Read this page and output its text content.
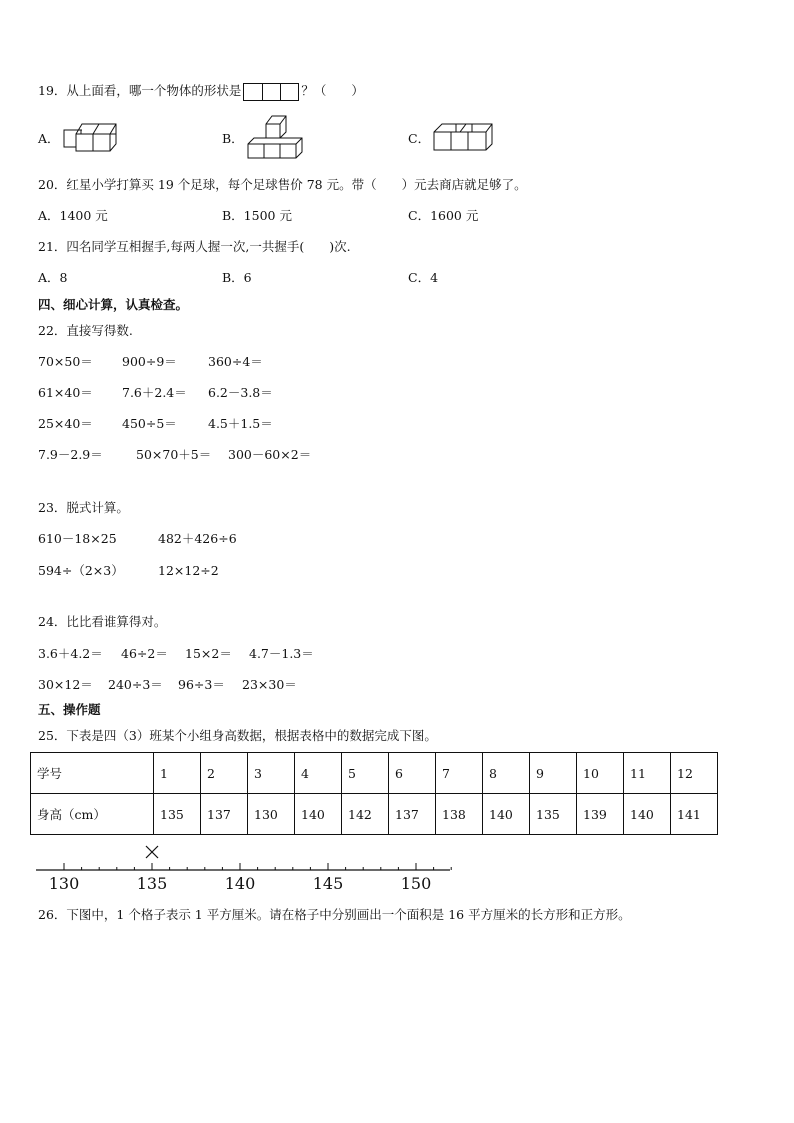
19．从上面看，哪一个物体的形状是	？（　　）
A．	B．	C．
20．红星小学打算买 19 个足球，每个足球售价 78 元。带（　　）元去商店就足够了。
A．1400 元	B．1500 元	C．1600 元
21．四名同学互相握手,每两人握一次,一共握手(　　)次.
A．8	B．6	C．4
四、细心计算，认真检查。
22．直接写得数.
70×50＝ 900÷9＝ 360÷4＝
61×40＝ 7.6＋2.4＝ 6.2－3.8＝
25×40＝ 450÷5＝ 4.5＋1.5＝
7.9－2.9＝	50×70＋5＝ 300－60×2＝
23．脱式计算。
610－18×25	482＋426÷6
594÷（2×3）	12×12÷2
24．比比看谁算得对。
3.6＋4.2＝ 46÷2＝ 15×2＝ 4.7－1.3＝
30×12＝ 240÷3＝ 96÷3＝ 23×30＝
五、操作题
25．下表是四（3）班某个小组身高数据，根据表格中的数据完成下图。
学号	1	2	3	4	5	6	7	8	9	10	11	12
身高（cm）	135	137	130	140	142	137	138	140	135	139	140	141
130	135	140	145	150
26．下图中，1 个格子表示 1 平方厘米。请在格子中分别画出一个面积是 16 平方厘米的长方形和正方形。
